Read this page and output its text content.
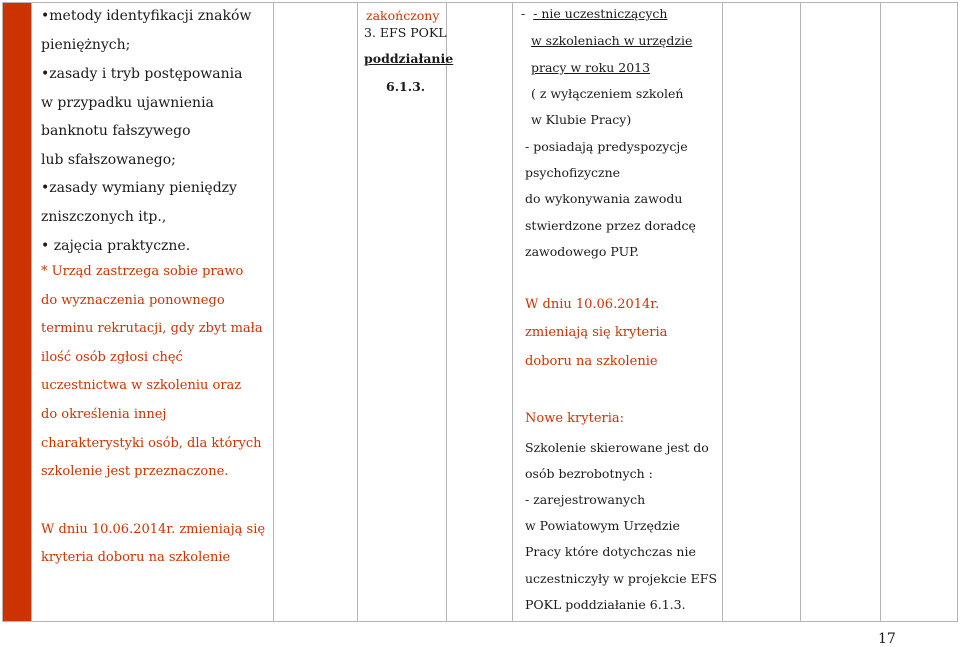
•metody identyfikacji znaków
pieniężnych;
•zasady i tryb postępowania
w przypadku ujawnienia
banknotu fałszywego
lub sfałszowanego;
•zasady wymiany pieniędzy
zniszczonych itp.,
• zajęcia praktyczne.
* Urząd zastrzega sobie prawo
do wyznaczenia ponownego
terminu rekrutacji, gdy zbyt mała
ilość osób zgłosi chęć
uczestnictwa w szkoleniu oraz
do określenia innej
charakterystyki osób, dla których
szkolenie jest przeznaczone.
W dniu 10.06.2014r. zmieniają się
kryteria doboru na szkolenie
zakończony
3. EFS POKL
poddziałanie
6.1.3.
-  - nie uczestniczących
w szkoleniach w urzędzie
pracy w roku 2013
( z wyłączeniem szkoleń
w Klubie Pracy)
- posiadają predyspozycje
psychofizyczne
do wykonywania zawodu
stwierdzone przez doradcę
zawodowego PUP.
W dniu 10.06.2014r.
zmieniają się kryteria
doboru na szkolenie
Nowe kryteria:
Szkolenie skierowane jest do
osób bezrobotnych :
- zarejestrowanych
w Powiatowym Urzędzie
Pracy które dotychczas nie
uczestniczyły w projekcie EFS
POKL poddziałanie 6.1.3.
17
